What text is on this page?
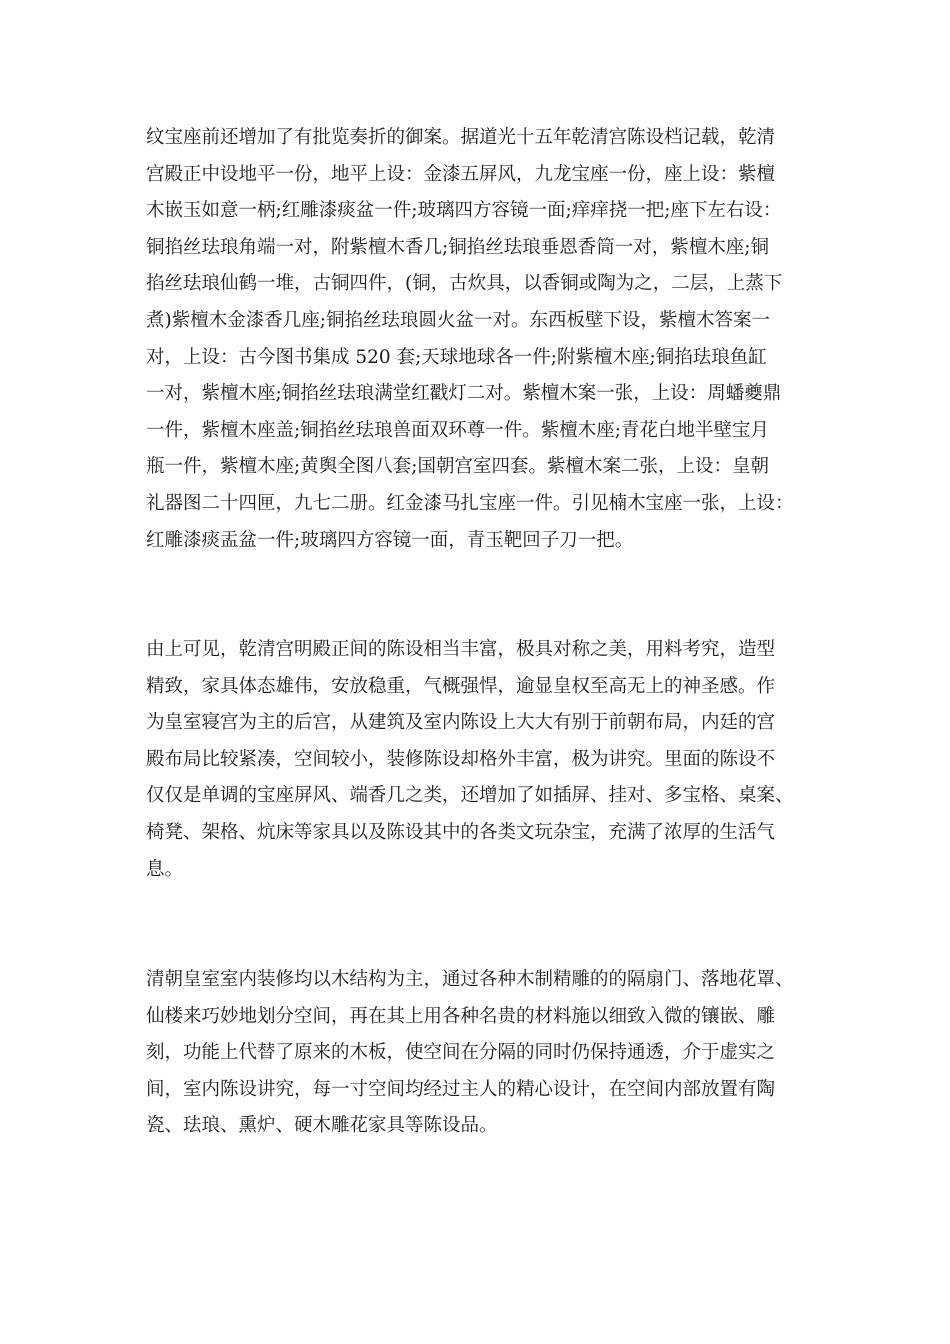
纹宝座前还增加了有批览奏折的御案。据道光十五年乾清宫陈设档记载，乾清
宫殿正中设地平一份，地平上设：金漆五屏风，九龙宝座一份，座上设：紫檀
木嵌玉如意一柄;红雕漆痰盆一件;玻璃四方容镜一面;痒痒挠一把;座下左右设：
铜掐丝珐琅角端一对，附紫檀木香几;铜掐丝珐琅垂恩香筒一对，紫檀木座;铜
掐丝珐琅仙鹤一堆，古铜四件，(铜，古炊具，以香铜或陶为之，二层，上蒸下
煮)紫檀木金漆香几座;铜掐丝珐琅圆火盆一对。东西板壁下设，紫檀木答案一
对，上设：古今图书集成 520 套;天球地球各一件;附紫檀木座;铜掐珐琅鱼缸
一对，紫檀木座;铜掐丝珐琅满堂红戳灯二对。紫檀木案一张，上设：周蟠夔鼎
一件，紫檀木座盖;铜掐丝珐琅兽面双环尊一件。紫檀木座;青花白地半壁宝月
瓶一件，紫檀木座;黄舆全图八套;国朝宫室四套。紫檀木案二张，上设：皇朝
礼器图二十四匣，九七二册。红金漆马扎宝座一件。引见楠木宝座一张，上设：
红雕漆痰盂盆一件;玻璃四方容镜一面，青玉靶回子刀一把。

由上可见，乾清宫明殿正间的陈设相当丰富，极具对称之美，用料考究，造型
精致，家具体态雄伟，安放稳重，气概强悍，逾显皇权至高无上的神圣感。作
为皇室寝宫为主的后宫，从建筑及室内陈设上大大有别于前朝布局，内廷的宫
殿布局比较紧凑，空间较小，装修陈设却格外丰富，极为讲究。里面的陈设不
仅仅是单调的宝座屏风、端香几之类，还增加了如插屏、挂对、多宝格、桌案、
椅凳、架格、炕床等家具以及陈设其中的各类文玩杂宝，充满了浓厚的生活气
息。

清朝皇室室内装修均以木结构为主，通过各种木制精雕的的隔扇门、落地花罩、
仙楼来巧妙地划分空间，再在其上用各种名贵的材料施以细致入微的镶嵌、雕
刻，功能上代替了原来的木板，使空间在分隔的同时仍保持通透，介于虚实之
间，室内陈设讲究，每一寸空间均经过主人的精心设计，在空间内部放置有陶
瓷、珐琅、熏炉、硬木雕花家具等陈设品。
